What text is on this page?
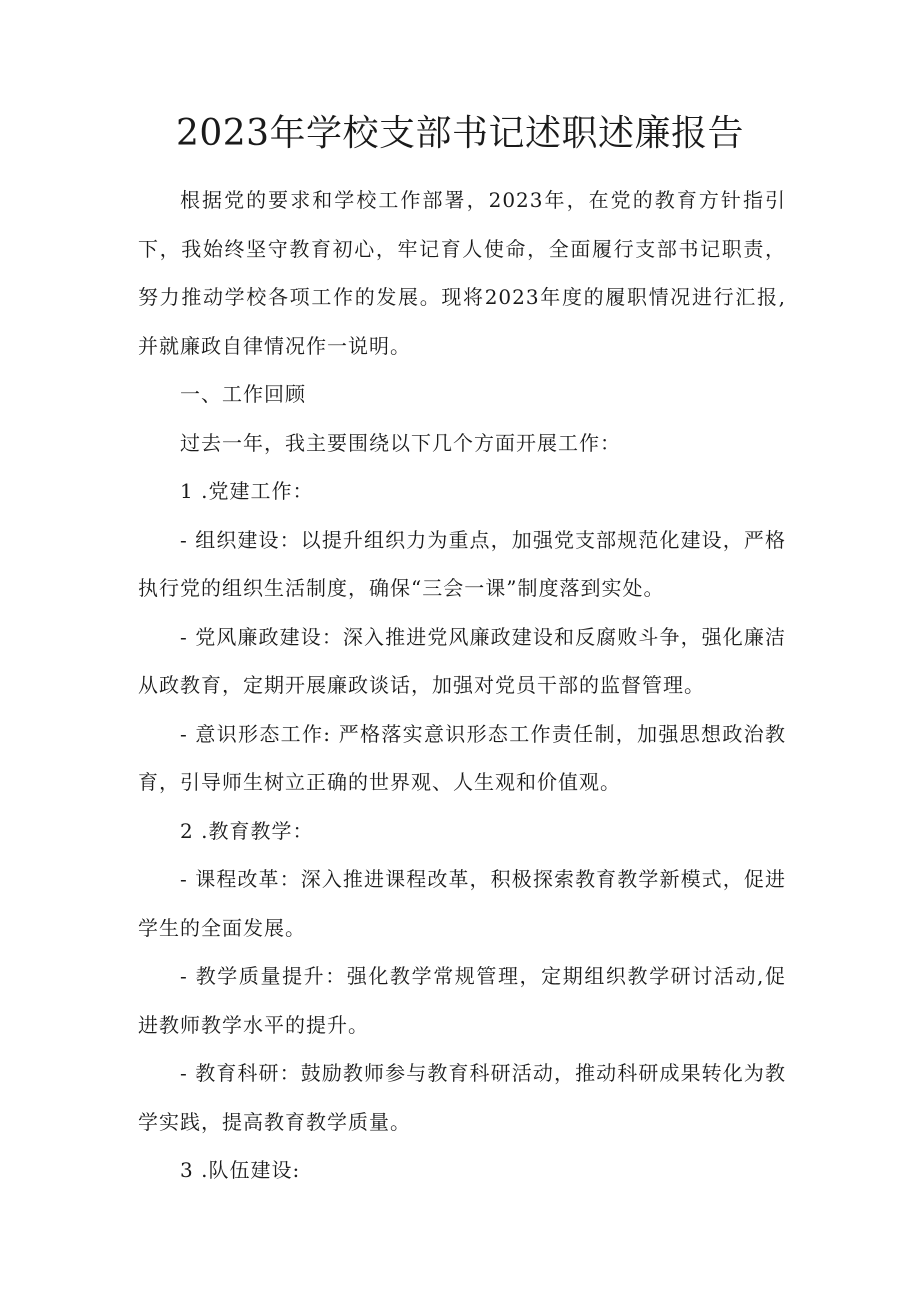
2023年学校支部书记述职述廉报告

根据党的要求和学校工作部署，2023年，在党的教育方针指引下，我始终坚守教育初心，牢记育人使命，全面履行支部书记职责，努力推动学校各项工作的发展。现将2023年度的履职情况进行汇报,并就廉政自律情况作一说明。

一、工作回顾

过去一年，我主要围绕以下几个方面开展工作：

1 .党建工作：

- 组织建设：以提升组织力为重点，加强党支部规范化建设，严格执行党的组织生活制度，确保“三会一课”制度落到实处。

- 党风廉政建设：深入推进党风廉政建设和反腐败斗争，强化廉洁从政教育，定期开展廉政谈话，加强对党员干部的监督管理。

- 意识形态工作: 严格落实意识形态工作责任制，加强思想政治教育，引导师生树立正确的世界观、人生观和价值观。

2 .教育教学：

- 课程改革：深入推进课程改革，积极探索教育教学新模式，促进学生的全面发展。

- 教学质量提升：强化教学常规管理，定期组织教学研讨活动,促进教师教学水平的提升。

- 教育科研：鼓励教师参与教育科研活动，推动科研成果转化为教学实践，提高教育教学质量。

3 .队伍建设:
